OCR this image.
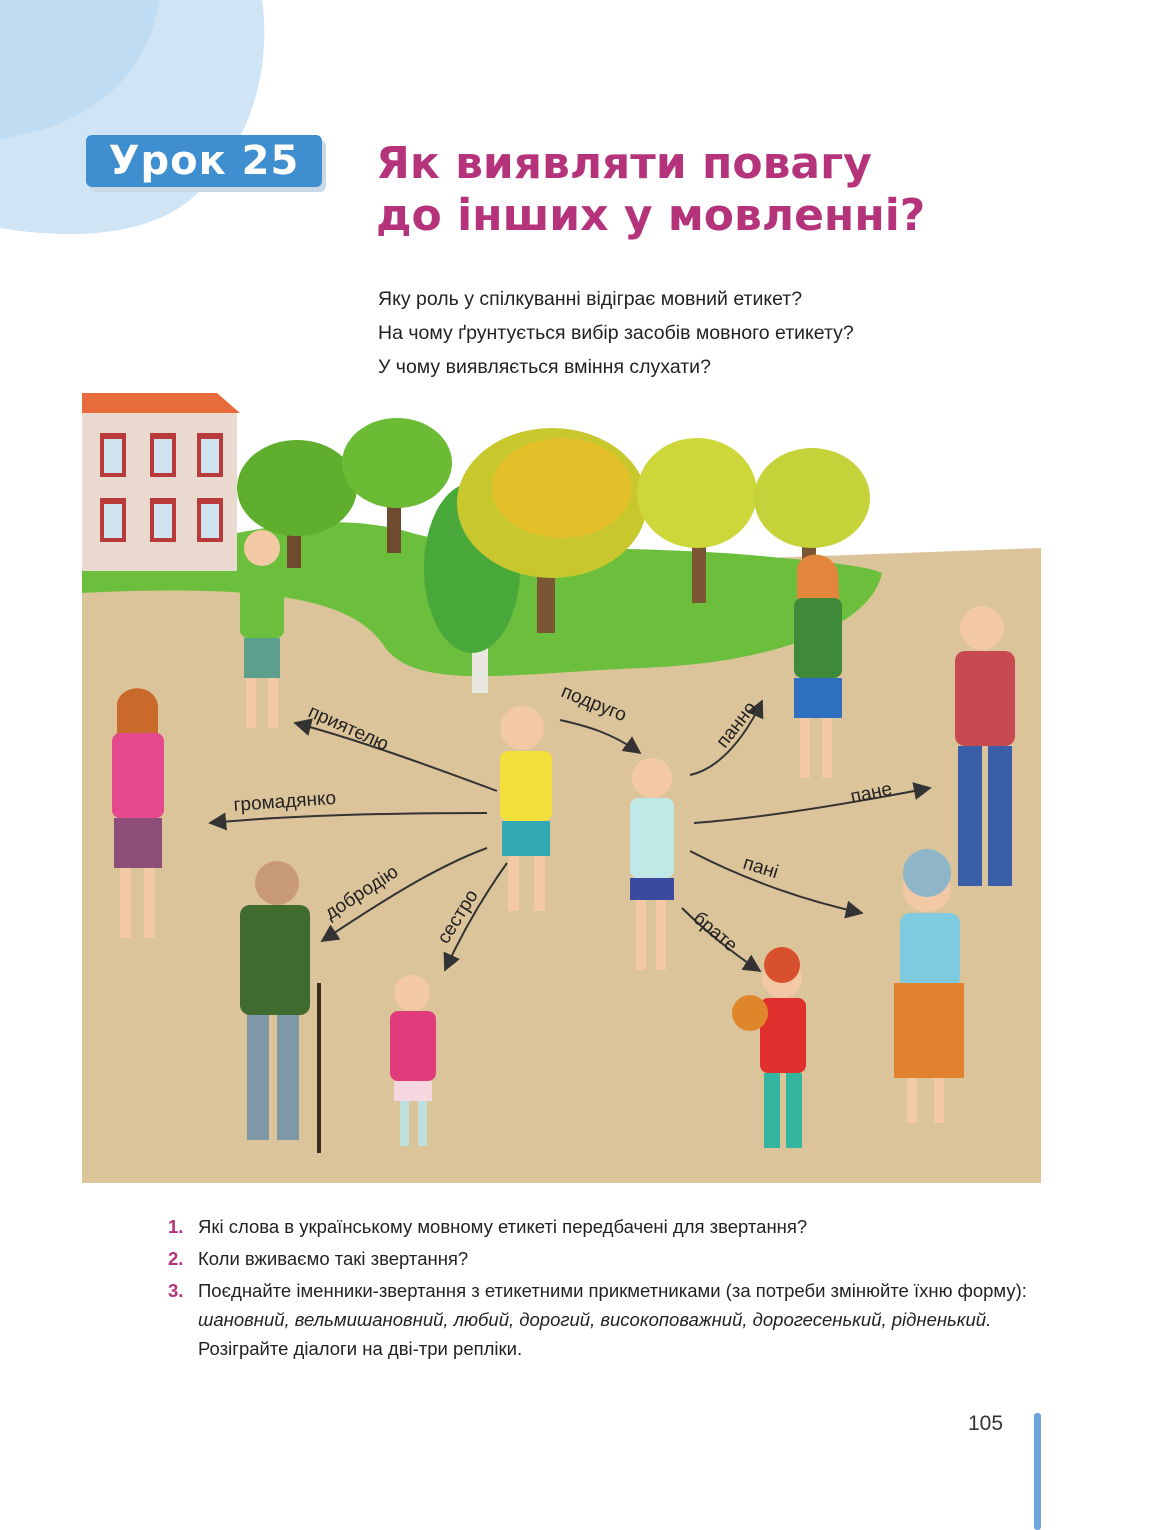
Урок 25	Як виявляти повагу
до інших у мовленні?
Яку роль у спілкуванні відіграє мовний етикет?
На чому ґрунтується вибір засобів мовного етикету?
У чому виявляється вміння слухати?
приятелю
громадянко
добродію сестро
подруго	панно
пане
пані
брате
1. Які слова в українському мовному етикеті передбачені для звертання?
2. Коли вживаємо такі звертання?
3. Поєднайте іменники-звертання з етикетними прикметниками (за потреби змінюйте їхню форму): шановний, вельмишановний, любий, дорогий, високоповажний, дорогесенький, рідненький. Розіграйте діалоги на дві-три репліки.
105
